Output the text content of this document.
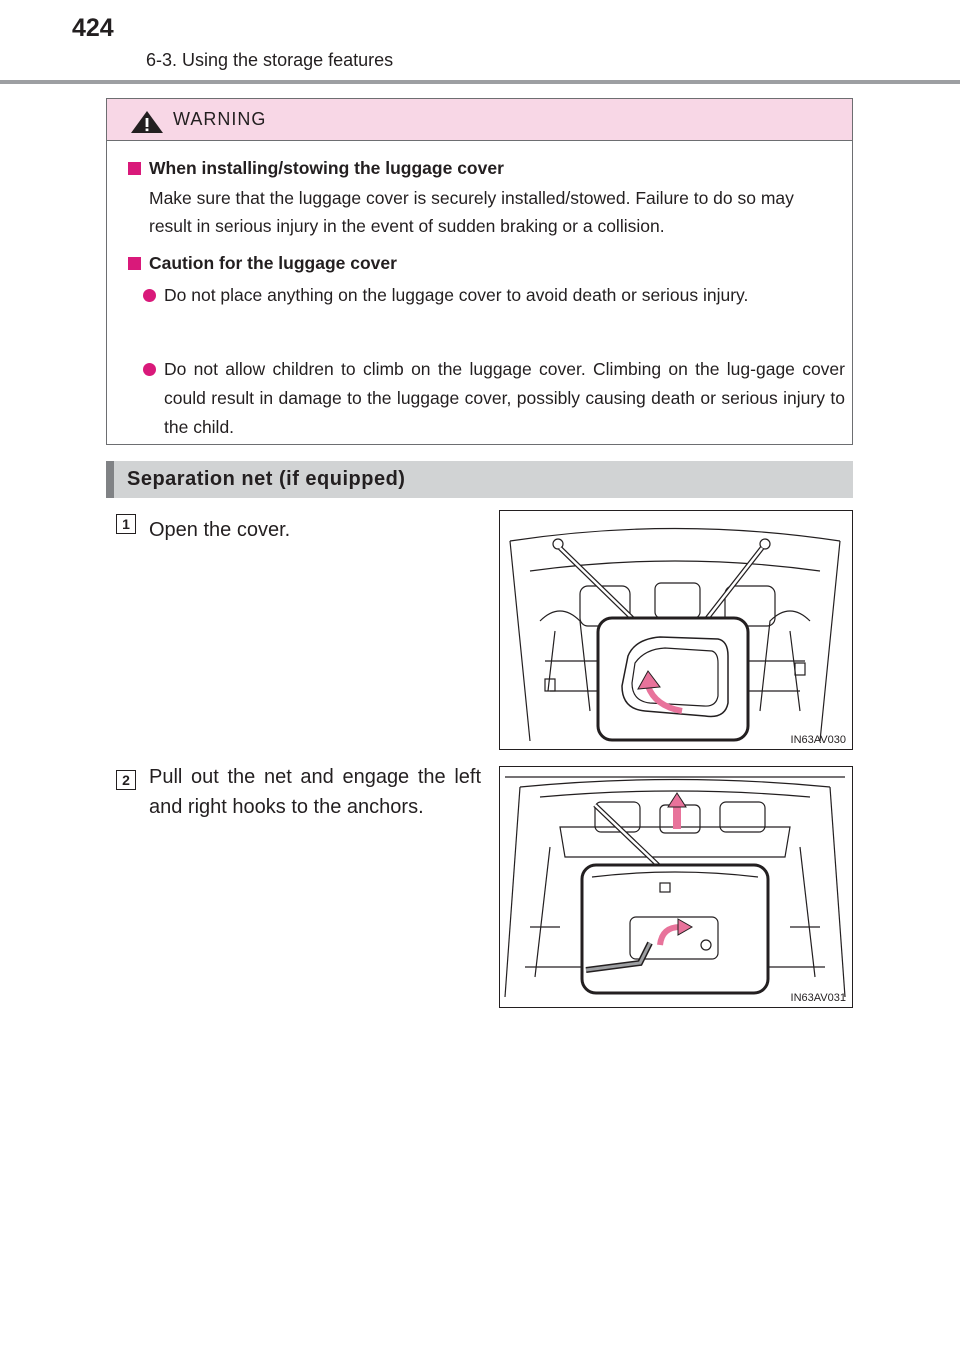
424
6-3. Using the storage features
WARNING
When installing/stowing the luggage cover
Make sure that the luggage cover is securely installed/stowed. Failure to do so may result in serious injury in the event of sudden braking or a collision.
Caution for the luggage cover
Do not place anything on the luggage cover to avoid death or serious injury.
Do not allow children to climb on the luggage cover. Climbing on the lug-gage cover could result in damage to the luggage cover, possibly causing death or serious injury to the child.
Separation net (if equipped)
1 Open the cover.
IN63AV030
2 Pull out the net and engage the left and right hooks to the anchors.
IN63AV031
